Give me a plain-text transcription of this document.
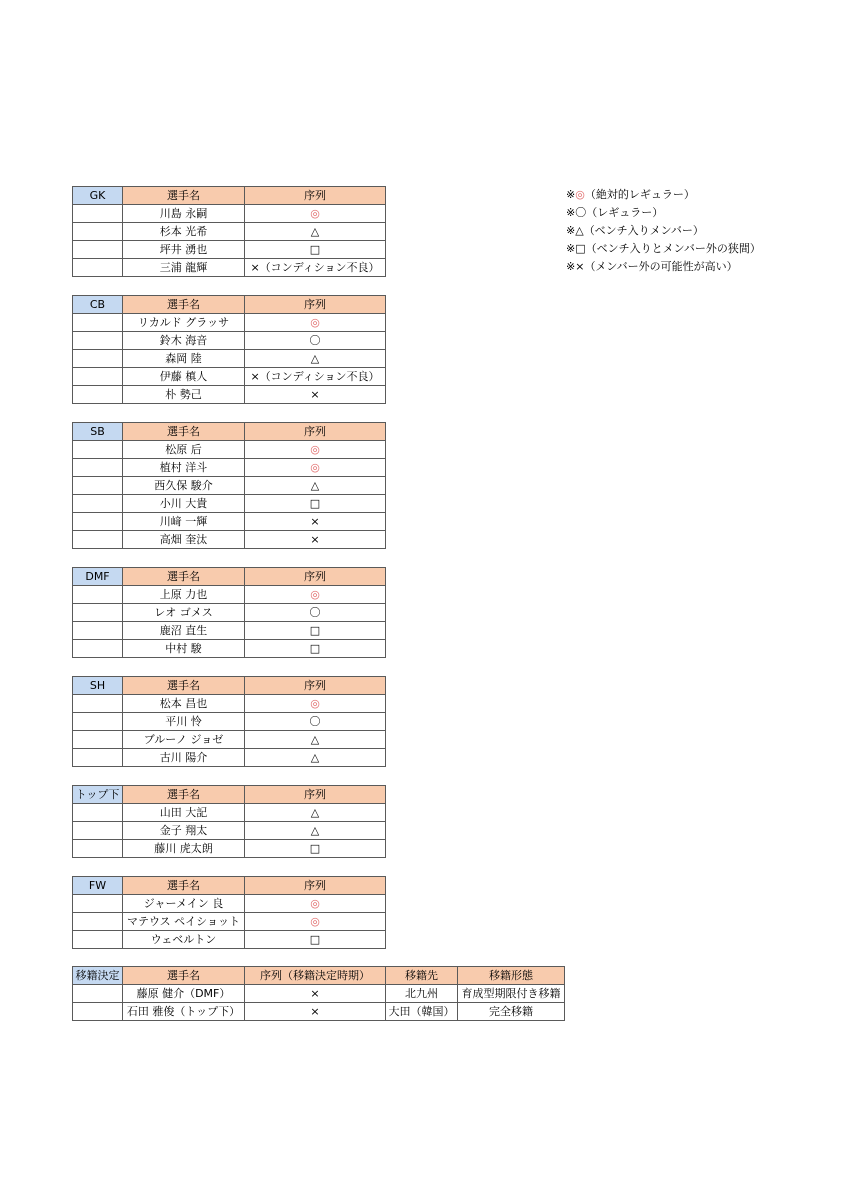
※◎（絶対的レギュラー）
※〇（レギュラー）
※△（ベンチ入りメンバー）
※□（ベンチ入りとメンバー外の狭間）
※×（メンバー外の可能性が高い）
GK	選手名	序列
	川島 永嗣	◎
	杉本 光希	△
	坪井 湧也	□
	三浦 龍輝	×（コンディション不良）
CB	選手名	序列
	リカルド グラッサ	◎
	鈴木 海音	〇
	森岡 陸	△
	伊藤 槙人	×（コンディション不良）
	朴 勢己	×
SB	選手名	序列
	松原 后	◎
	植村 洋斗	◎
	西久保 駿介	△
	小川 大貴	□
	川﨑 一輝	×
	高畑 奎汰	×
DMF	選手名	序列
	上原 力也	◎
	レオ ゴメス	〇
	鹿沼 直生	□
	中村 駿	□
SH	選手名	序列
	松本 昌也	◎
	平川 怜	〇
	ブルーノ ジョゼ	△
	古川 陽介	△
トップ下	選手名	序列
	山田 大記	△
	金子 翔太	△
	藤川 虎太朗	□
FW	選手名	序列
	ジャーメイン 良	◎
	マテウス ペイショット	◎
	ウェベルトン	□
移籍決定	選手名	序列（移籍決定時期）	移籍先	移籍形態
	藤原 健介（DMF）	×	北九州	育成型期限付き移籍
	石田 雅俊（トップ下）	×	大田（韓国）	完全移籍
